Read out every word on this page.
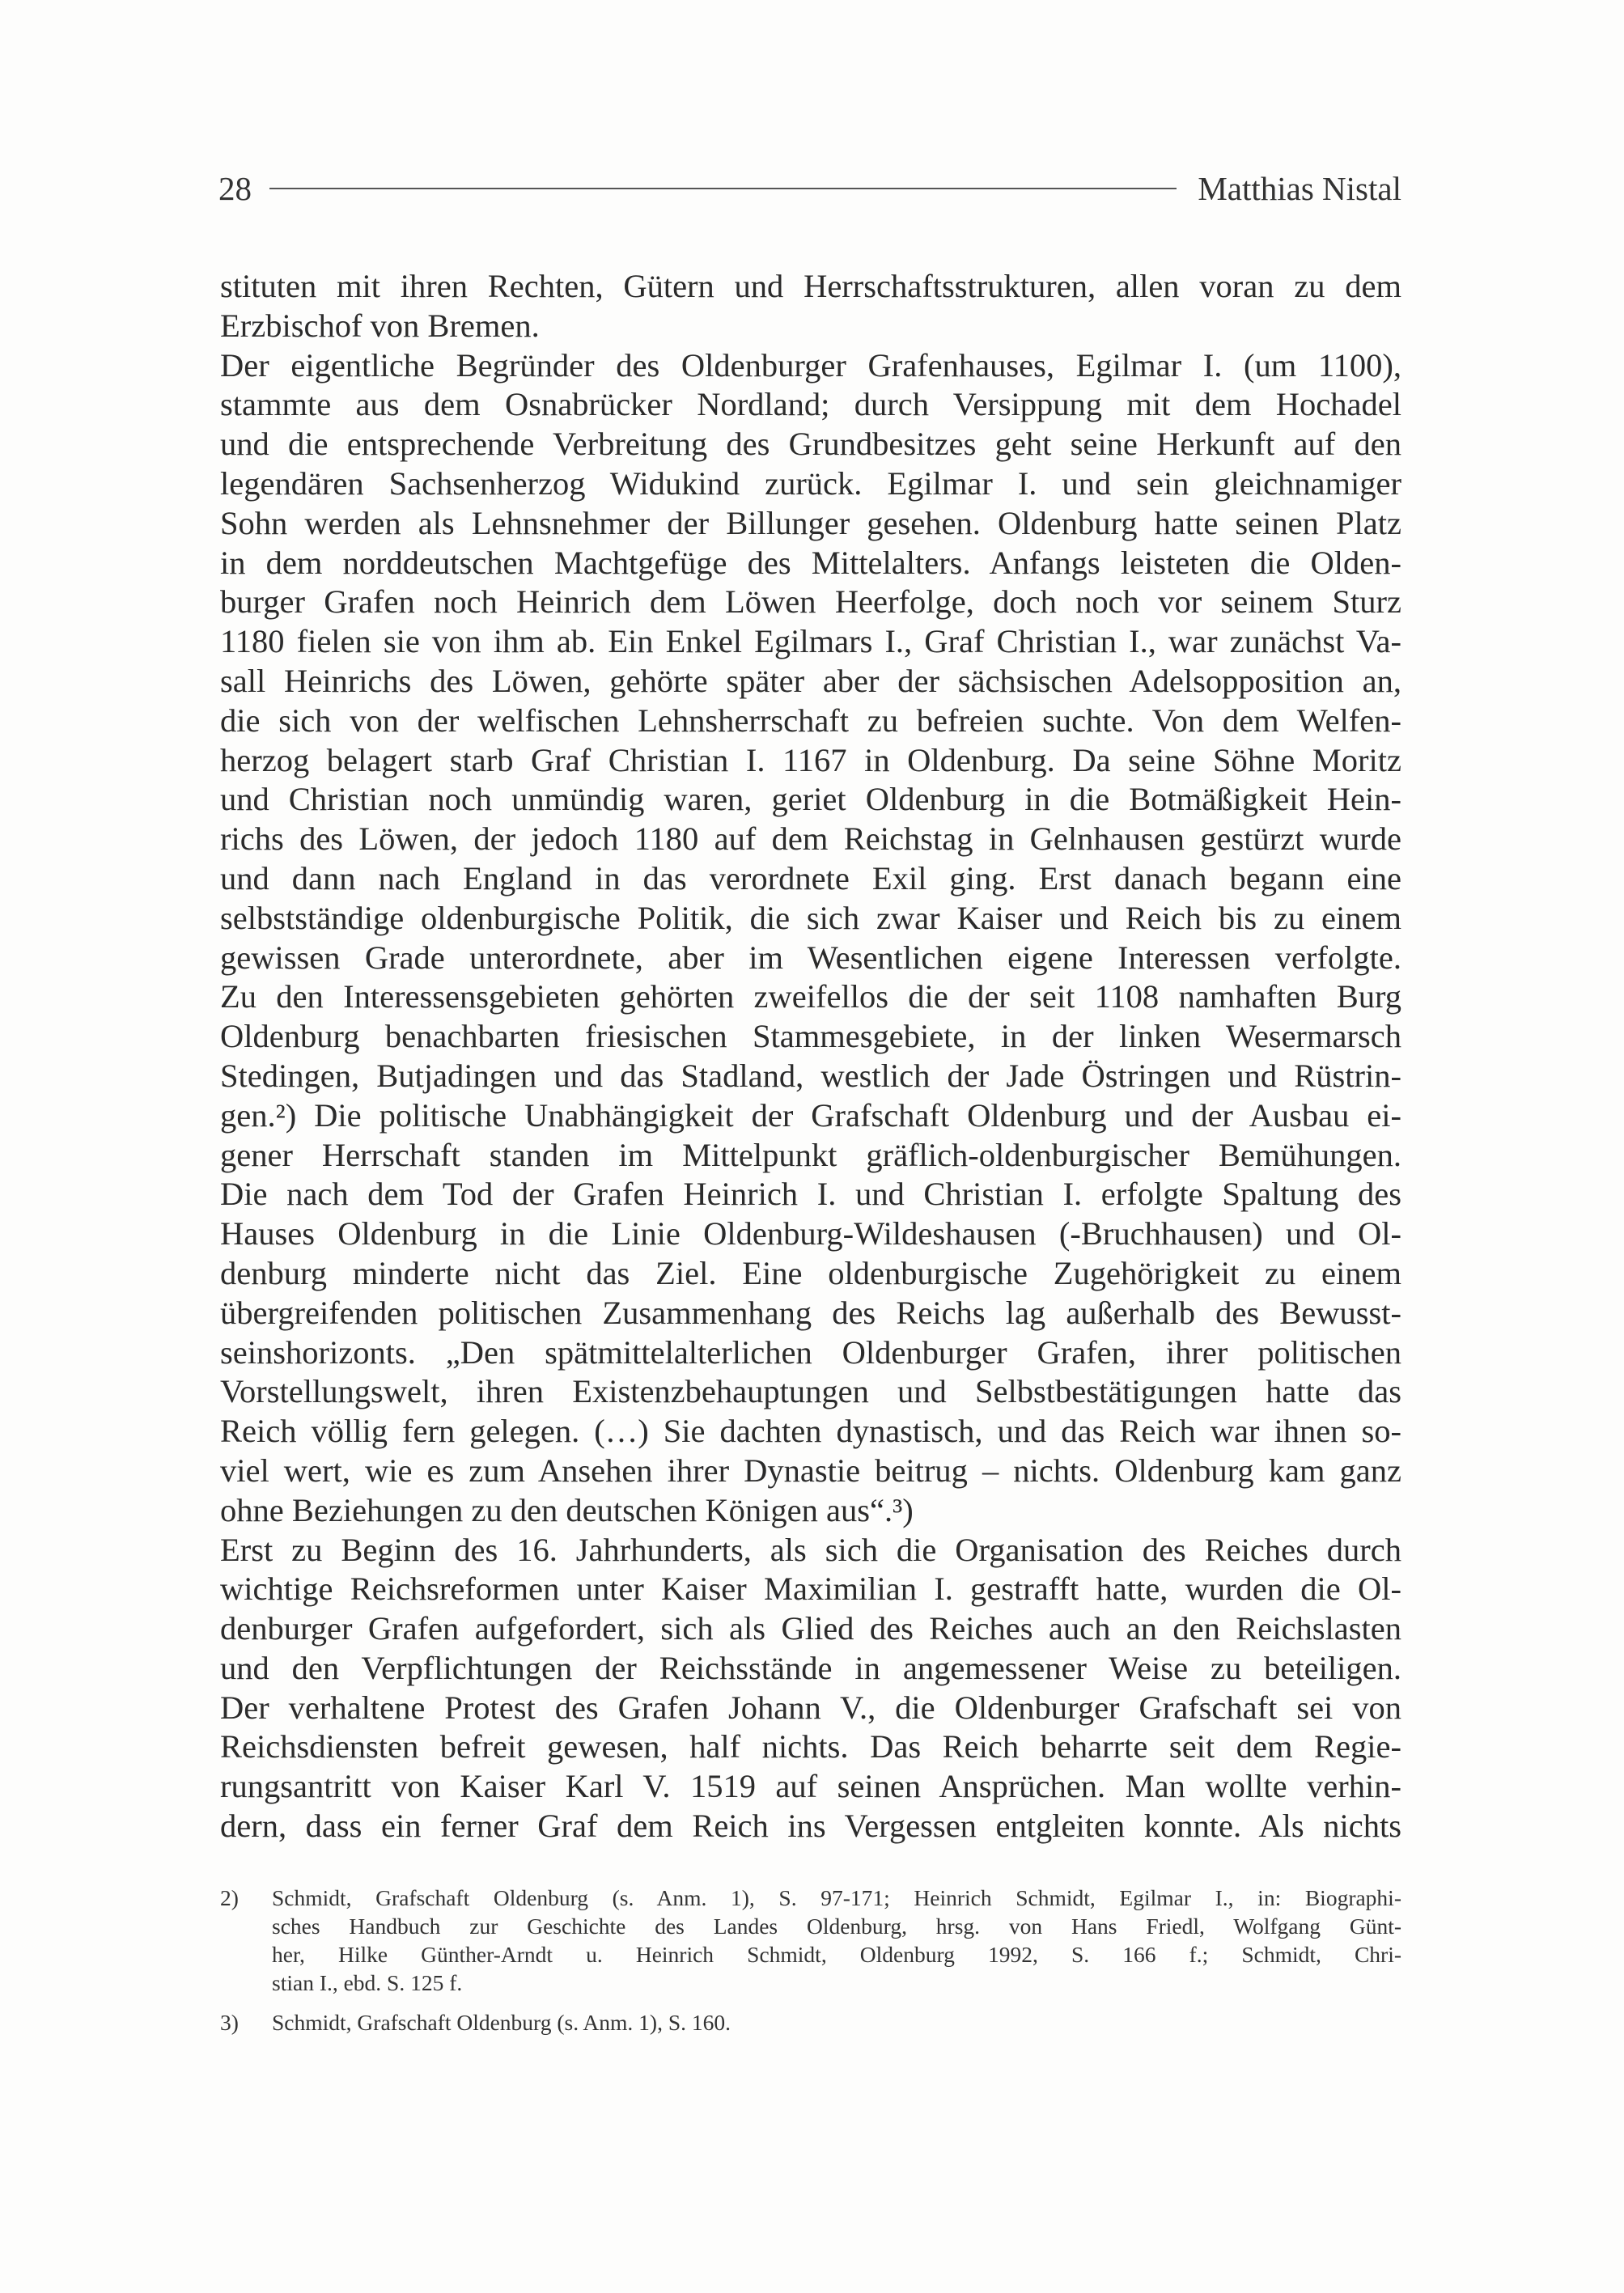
28	Matthias Nistal
stituten mit ihren Rechten, Gütern und Herrschaftsstrukturen, allen voran zu dem
Erzbischof von Bremen.
Der eigentliche Begründer des Oldenburger Grafenhauses, Egilmar I. (um 1100),
stammte aus dem Osnabrücker Nordland; durch Versippung mit dem Hochadel
und die entsprechende Verbreitung des Grundbesitzes geht seine Herkunft auf den
legendären Sachsenherzog Widukind zurück. Egilmar I. und sein gleichnamiger
Sohn werden als Lehnsnehmer der Billunger gesehen. Oldenburg hatte seinen Platz
in dem norddeutschen Machtgefüge des Mittelalters. Anfangs leisteten die Olden-
burger Grafen noch Heinrich dem Löwen Heerfolge, doch noch vor seinem Sturz
1180 fielen sie von ihm ab. Ein Enkel Egilmars I., Graf Christian I., war zunächst Va-
sall Heinrichs des Löwen, gehörte später aber der sächsischen Adelsopposition an,
die sich von der welfischen Lehnsherrschaft zu befreien suchte. Von dem Welfen-
herzog belagert starb Graf Christian I. 1167 in Oldenburg. Da seine Söhne Moritz
und Christian noch unmündig waren, geriet Oldenburg in die Botmäßigkeit Hein-
richs des Löwen, der jedoch 1180 auf dem Reichstag in Gelnhausen gestürzt wurde
und dann nach England in das verordnete Exil ging. Erst danach begann eine
selbstständige oldenburgische Politik, die sich zwar Kaiser und Reich bis zu einem
gewissen Grade unterordnete, aber im Wesentlichen eigene Interessen verfolgte.
Zu den Interessensgebieten gehörten zweifellos die der seit 1108 namhaften Burg
Oldenburg benachbarten friesischen Stammesgebiete, in der linken Wesermarsch
Stedingen, Butjadingen und das Stadland, westlich der Jade Östringen und Rüstrin-
gen.²) Die politische Unabhängigkeit der Grafschaft Oldenburg und der Ausbau ei-
gener Herrschaft standen im Mittelpunkt gräflich-oldenburgischer Bemühungen.
Die nach dem Tod der Grafen Heinrich I. und Christian I. erfolgte Spaltung des
Hauses Oldenburg in die Linie Oldenburg-Wildeshausen (-Bruchhausen) und Ol-
denburg minderte nicht das Ziel. Eine oldenburgische Zugehörigkeit zu einem
übergreifenden politischen Zusammenhang des Reichs lag außerhalb des Bewusst-
seinshorizonts. „Den spätmittelalterlichen Oldenburger Grafen, ihrer politischen
Vorstellungswelt, ihren Existenzbehauptungen und Selbstbestätigungen hatte das
Reich völlig fern gelegen. (…) Sie dachten dynastisch, und das Reich war ihnen so-
viel wert, wie es zum Ansehen ihrer Dynastie beitrug – nichts. Oldenburg kam ganz
ohne Beziehungen zu den deutschen Königen aus“.³)
Erst zu Beginn des 16. Jahrhunderts, als sich die Organisation des Reiches durch
wichtige Reichsreformen unter Kaiser Maximilian I. gestrafft hatte, wurden die Ol-
denburger Grafen aufgefordert, sich als Glied des Reiches auch an den Reichslasten
und den Verpflichtungen der Reichsstände in angemessener Weise zu beteiligen.
Der verhaltene Protest des Grafen Johann V., die Oldenburger Grafschaft sei von
Reichsdiensten befreit gewesen, half nichts. Das Reich beharrte seit dem Regie-
rungsantritt von Kaiser Karl V. 1519 auf seinen Ansprüchen. Man wollte verhin-
dern, dass ein ferner Graf dem Reich ins Vergessen entgleiten konnte. Als nichts
2) Schmidt, Grafschaft Oldenburg (s. Anm. 1), S. 97-171; Heinrich Schmidt, Egilmar I., in: Biographi-
sches Handbuch zur Geschichte des Landes Oldenburg, hrsg. von Hans Friedl, Wolfgang Günt-
her, Hilke Günther-Arndt u. Heinrich Schmidt, Oldenburg 1992, S. 166 f.; Schmidt, Chri-
stian I., ebd. S. 125 f.
3) Schmidt, Grafschaft Oldenburg (s. Anm. 1), S. 160.
